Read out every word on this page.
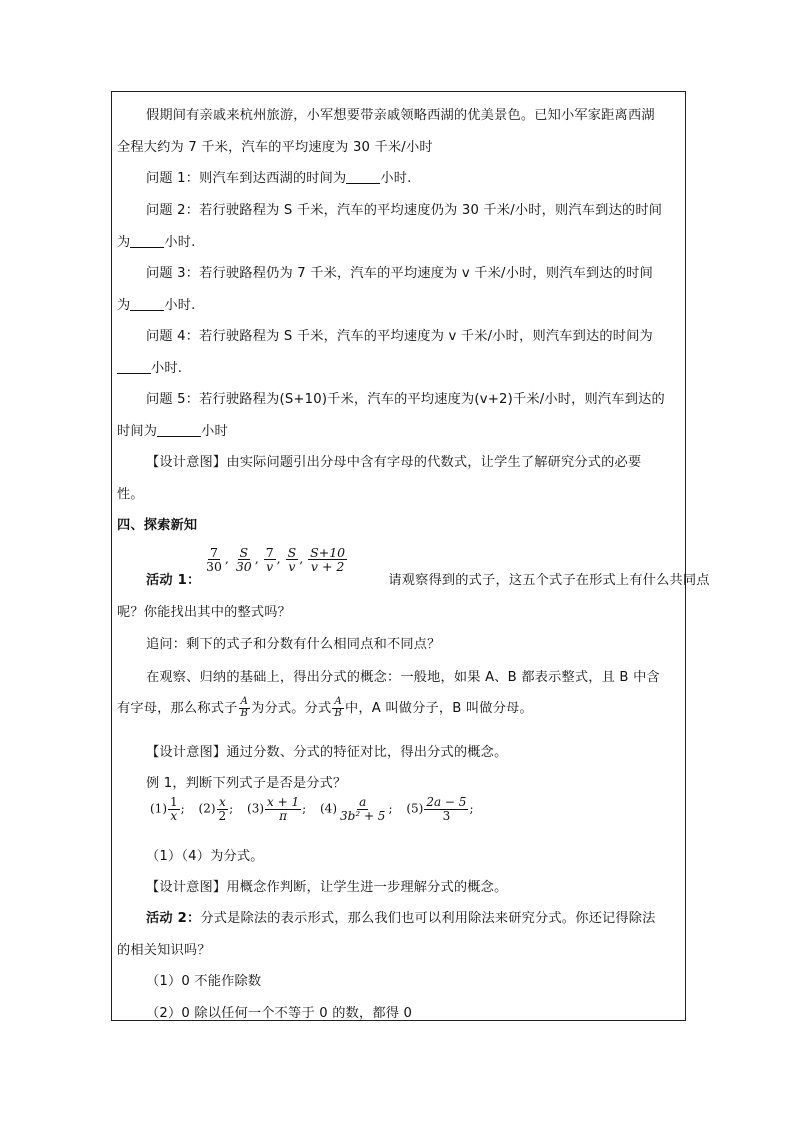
假期间有亲戚来杭州旅游，小军想要带亲戚领略西湖的优美景色。已知小军家距离西湖
全程大约为 7 千米，汽车的平均速度为 30 千米/小时
问题 1：则汽车到达西湖的时间为	小时.
问题 2：若行驶路程为 S 千米，汽车的平均速度仍为 30 千米/小时，则汽车到达的时间
为	小时.
问题 3：若行驶路程仍为 7 千米，汽车的平均速度为 v 千米/小时，则汽车到达的时间
为	小时.
问题 4：若行驶路程为 S 千米，汽车的平均速度为 v 千米/小时，则汽车到达的时间为
小时.
问题 5：若行驶路程为(S+10)千米，汽车的平均速度为(v+2)千米/小时，则汽车到达的
时间为	小时
【设计意图】由实际问题引出分母中含有字母的代数式，让学生了解研究分式的必要
性。
四、探索新知
$\frac{7}{30}$ , $\frac{S}{30}$ , $\frac{7}{v}$ , $\frac{S}{v}$ , $\frac{S+10}{v + 2}$
活动 1：	请观察得到的式子，这五个式子在形式上有什么共同点
呢？你能找出其中的整式吗？
追问：剩下的式子和分数有什么相同点和不同点？
在观察、归纳的基础上，得出分式的概念：一般地，如果 A、B 都表示整式，且 B 中含
有字母，那么称式子 $\frac{A}{B}$ 为分式。分式 $\frac{A}{B}$ 中，A 叫做分子，B 叫做分母。
【设计意图】通过分数、分式的特征对比，得出分式的概念。
例 1，判断下列式子是否是分式？
$(1) \frac{1}{x}$ ; $(2) \frac{x}{2}$ ; $(3) \frac{x + 1}{\pi}$ ; $(4) \frac{a}{\text{3b² + 5}}$ ; $(5) \frac{2a - 5}{3}$ ;
（1）（4）为分式。
【设计意图】用概念作判断，让学生进一步理解分式的概念。
活动 2：分式是除法的表示形式，那么我们也可以利用除法来研究分式。你还记得除法
的相关知识吗？
（1）0 不能作除数
（2）0 除以任何一个不等于 0 的数，都得 0
